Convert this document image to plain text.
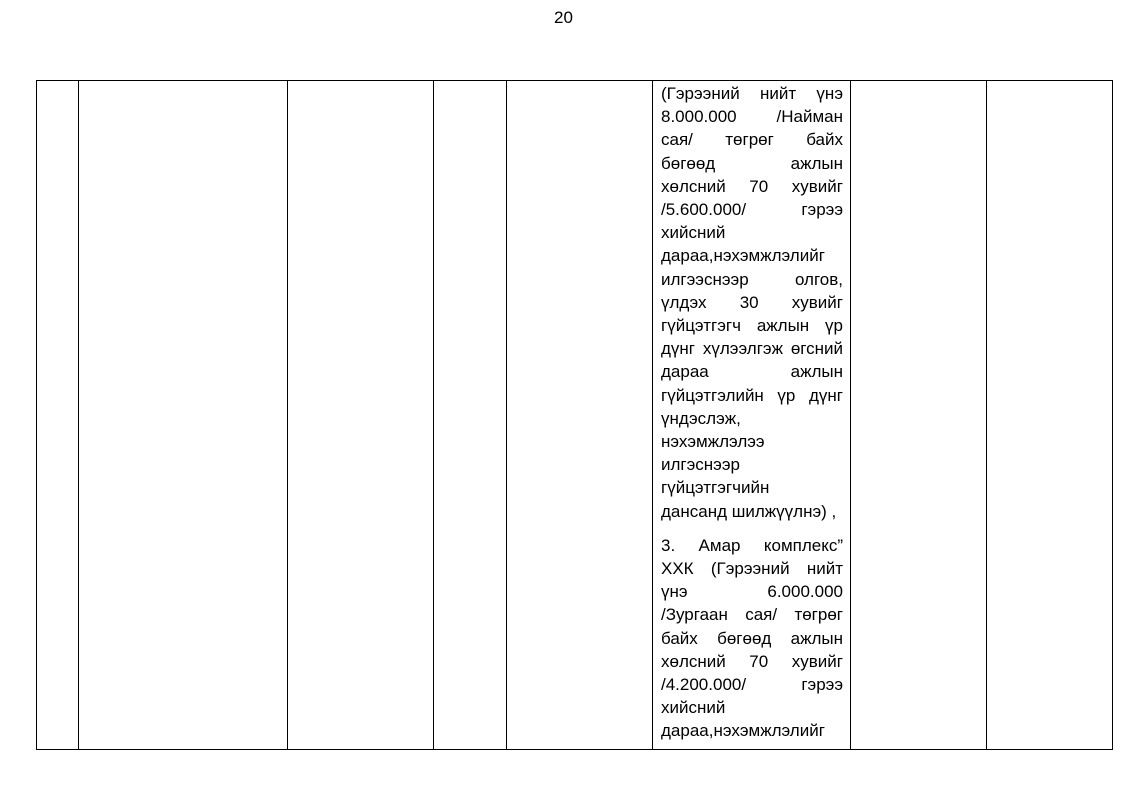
20

(Гэрээний нийт үнэ

8.000.000 /Найман

сая/ төгрөг байх

бөгөөд ажлын

хөлсний 70 хувийг

/5.600.000/ гэрээ

хийсний

дараа,нэхэмжлэлийг

илгээснээр олгов,

үлдэх 30 хувийг

гүйцэтгэгч ажлын үр

дүнг хүлээлгэж өгсний

дараа ажлын

гүйцэтгэлийн үр дүнг

үндэслэж,

нэхэмжлэлээ

илгэснээр

гүйцэтгэгчийн

дансанд шилжүүлнэ) ,

3. Амар комплекс”

ХХК (Гэрээний нийт

үнэ 6.000.000

/Зургаан сая/ төгрөг

байх бөгөөд ажлын

хөлсний 70 хувийг

/4.200.000/ гэрээ

хийсний

дараа,нэхэмжлэлийг
